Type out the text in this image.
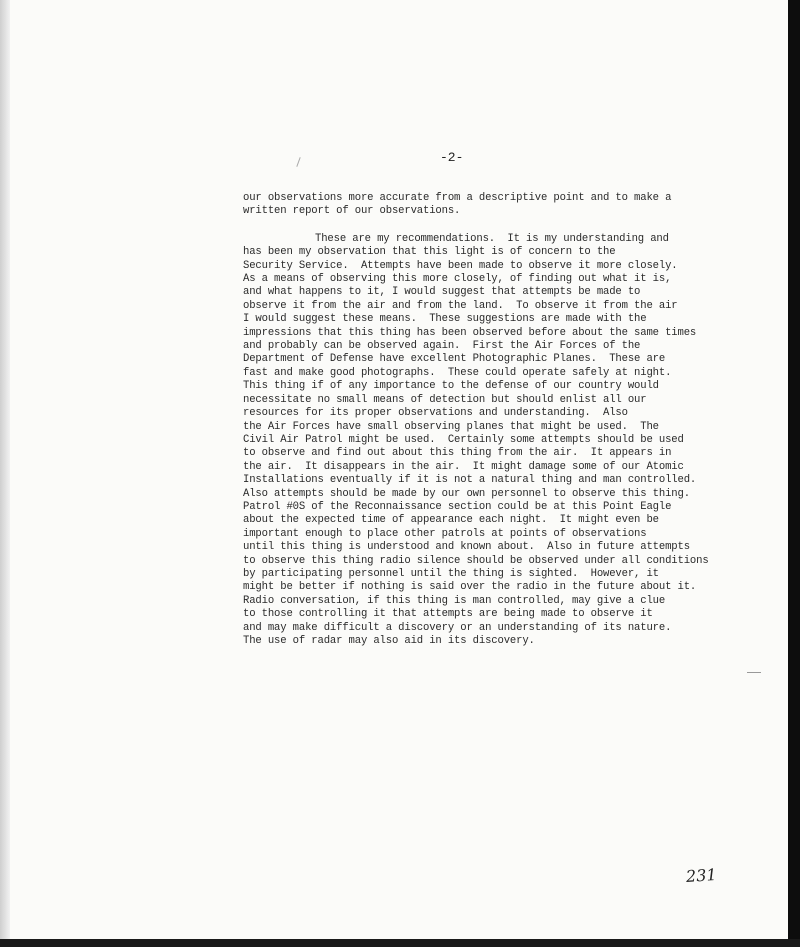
-2-
our observations more accurate from a descriptive point and to make a
written report of our observations.
These are my recommendations.  It is my understanding and
has been my observation that this light is of concern to the
Security Service.  Attempts have been made to observe it more closely.
As a means of observing this more closely, of finding out what it is,
and what happens to it, I would suggest that attempts be made to
observe it from the air and from the land.  To observe it from the air
I would suggest these means.  These suggestions are made with the
impressions that this thing has been observed before about the same times
and probably can be observed again.  First the Air Forces of the
Department of Defense have excellent Photographic Planes.  These are
fast and make good photographs.  These could operate safely at night.
This thing if of any importance to the defense of our country would
necessitate no small means of detection but should enlist all our
resources for its proper observations and understanding.  Also
the Air Forces have small observing planes that might be used.  The
Civil Air Patrol might be used.  Certainly some attempts should be used
to observe and find out about this thing from the air.  It appears in
the air.  It disappears in the air.  It might damage some of our Atomic
Installations eventually if it is not a natural thing and man controlled.
Also attempts should be made by our own personnel to observe this thing.
Patrol #0S of the Reconnaissance section could be at this Point Eagle
about the expected time of appearance each night.  It might even be
important enough to place other patrols at points of observations
until this thing is understood and known about.  Also in future attempts
to observe this thing radio silence should be observed under all conditions
by participating personnel until the thing is sighted.  However, it
might be better if nothing is said over the radio in the future about it.
Radio conversation, if this thing is man controlled, may give a clue
to those controlling it that attempts are being made to observe it
and may make difficult a discovery or an understanding of its nature.
The use of radar may also aid in its discovery.
231
